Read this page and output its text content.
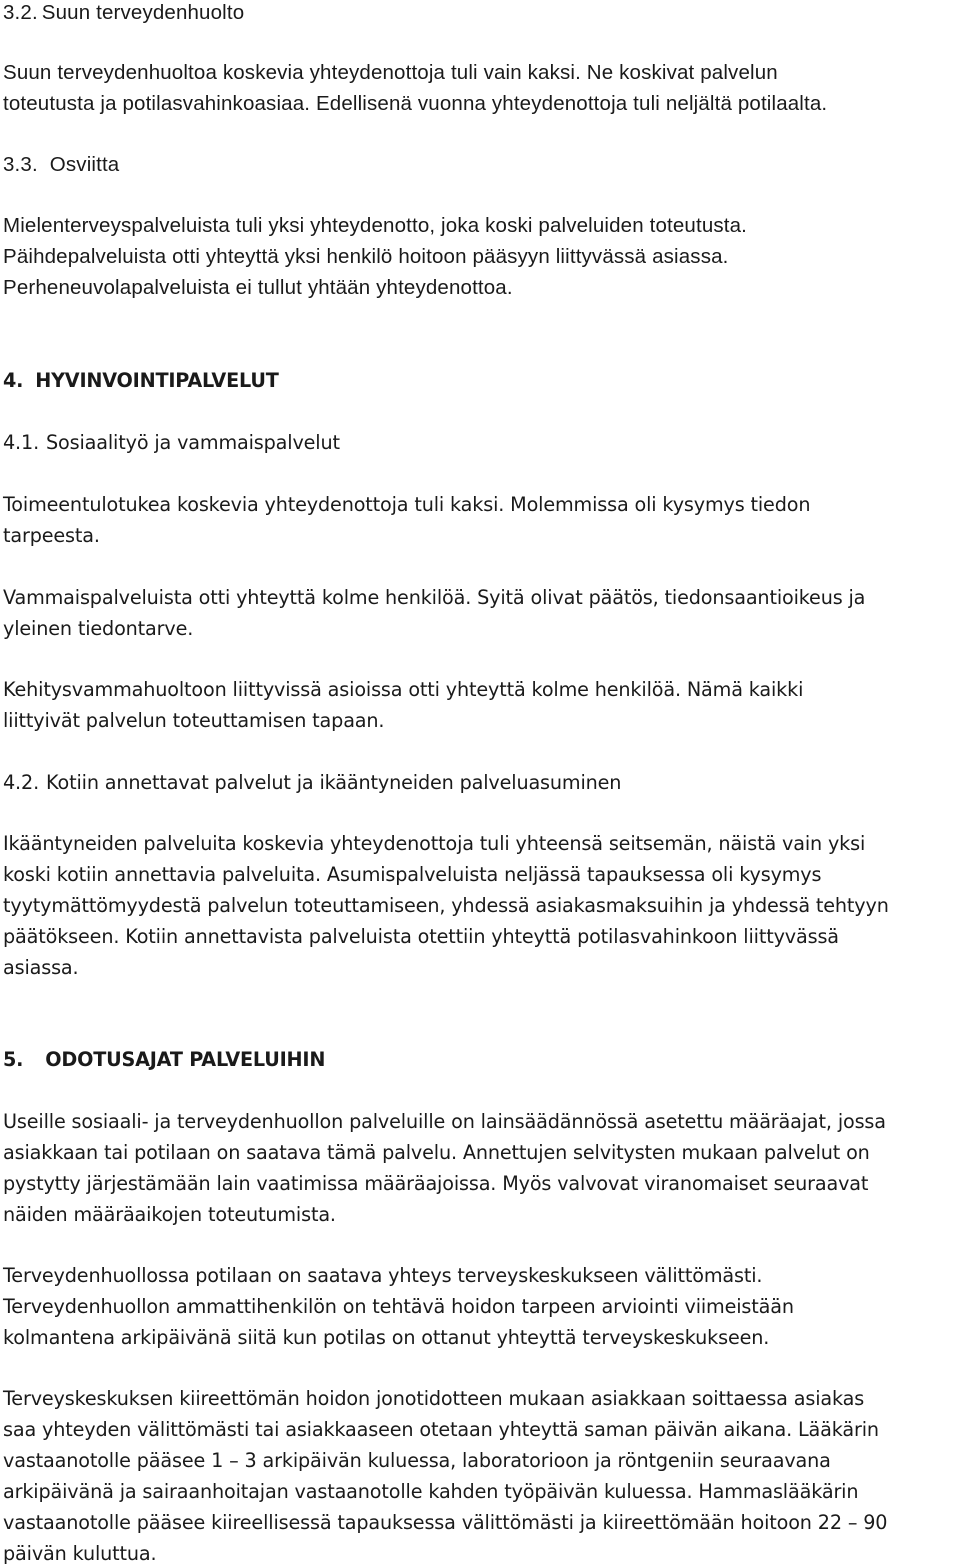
3.2. Suun terveydenhuolto
Suun terveydenhuoltoa koskevia yhteydenottoja tuli vain kaksi. Ne koskivat palvelun
toteutusta ja potilasvahinkoasiaa. Edellisenä vuonna yhteydenottoja tuli neljältä potilaalta.
3.3. Osviitta
Mielenterveyspalveluista tuli yksi yhteydenotto, joka koski palveluiden toteutusta.
Päihdepalveluista otti yhteyttä yksi henkilö hoitoon pääsyyn liittyvässä asiassa.
Perheneuvolapalveluista ei tullut yhtään yhteydenottoa.
4. HYVINVOINTIPALVELUT
4.1. Sosiaalityö ja vammaispalvelut
Toimeentulotukea koskevia yhteydenottoja tuli kaksi. Molemmissa oli kysymys tiedon
tarpeesta.
Vammaispalveluista otti yhteyttä kolme henkilöä. Syitä olivat päätös, tiedonsaantioikeus ja
yleinen tiedontarve.
Kehitysvammahuoltoon liittyvissä asioissa otti yhteyttä kolme henkilöä. Nämä kaikki
liittyivät palvelun toteuttamisen tapaan.
4.2. Kotiin annettavat palvelut ja ikääntyneiden palveluasuminen
Ikääntyneiden palveluita koskevia yhteydenottoja tuli yhteensä seitsemän, näistä vain yksi
koski kotiin annettavia palveluita. Asumispalveluista neljässä tapauksessa oli kysymys
tyytymättömyydestä palvelun toteuttamiseen, yhdessä asiakasmaksuihin ja yhdessä tehtyyn
päätökseen. Kotiin annettavista palveluista otettiin yhteyttä potilasvahinkoon liittyvässä
asiassa.
5. ODOTUSAJAT PALVELUIHIN
Useille sosiaali- ja terveydenhuollon palveluille on lainsäädännössä asetettu määräajat, jossa
asiakkaan tai potilaan on saatava tämä palvelu. Annettujen selvitysten mukaan palvelut on
pystytty järjestämään lain vaatimissa määräajoissa. Myös valvovat viranomaiset seuraavat
näiden määräaikojen toteutumista.
Terveydenhuollossa potilaan on saatava yhteys terveyskeskukseen välittömästi.
Terveydenhuollon ammattihenkilön on tehtävä hoidon tarpeen arviointi viimeistään
kolmantena arkipäivänä siitä kun potilas on ottanut yhteyttä terveyskeskukseen.
Terveyskeskuksen kiireettömän hoidon jonotidotteen mukaan asiakkaan soittaessa asiakas
saa yhteyden välittömästi tai asiakkaaseen otetaan yhteyttä saman päivän aikana. Lääkärin
vastaanotolle pääsee 1 – 3 arkipäivän kuluessa, laboratorioon ja röntgeniin seuraavana
arkipäivänä ja sairaanhoitajan vastaanotolle kahden työpäivän kuluessa. Hammaslääkärin
vastaanotolle pääsee kiireellisessä tapauksessa välittömästi ja kiireettömään hoitoon 22 – 90
päivän kuluttua.
